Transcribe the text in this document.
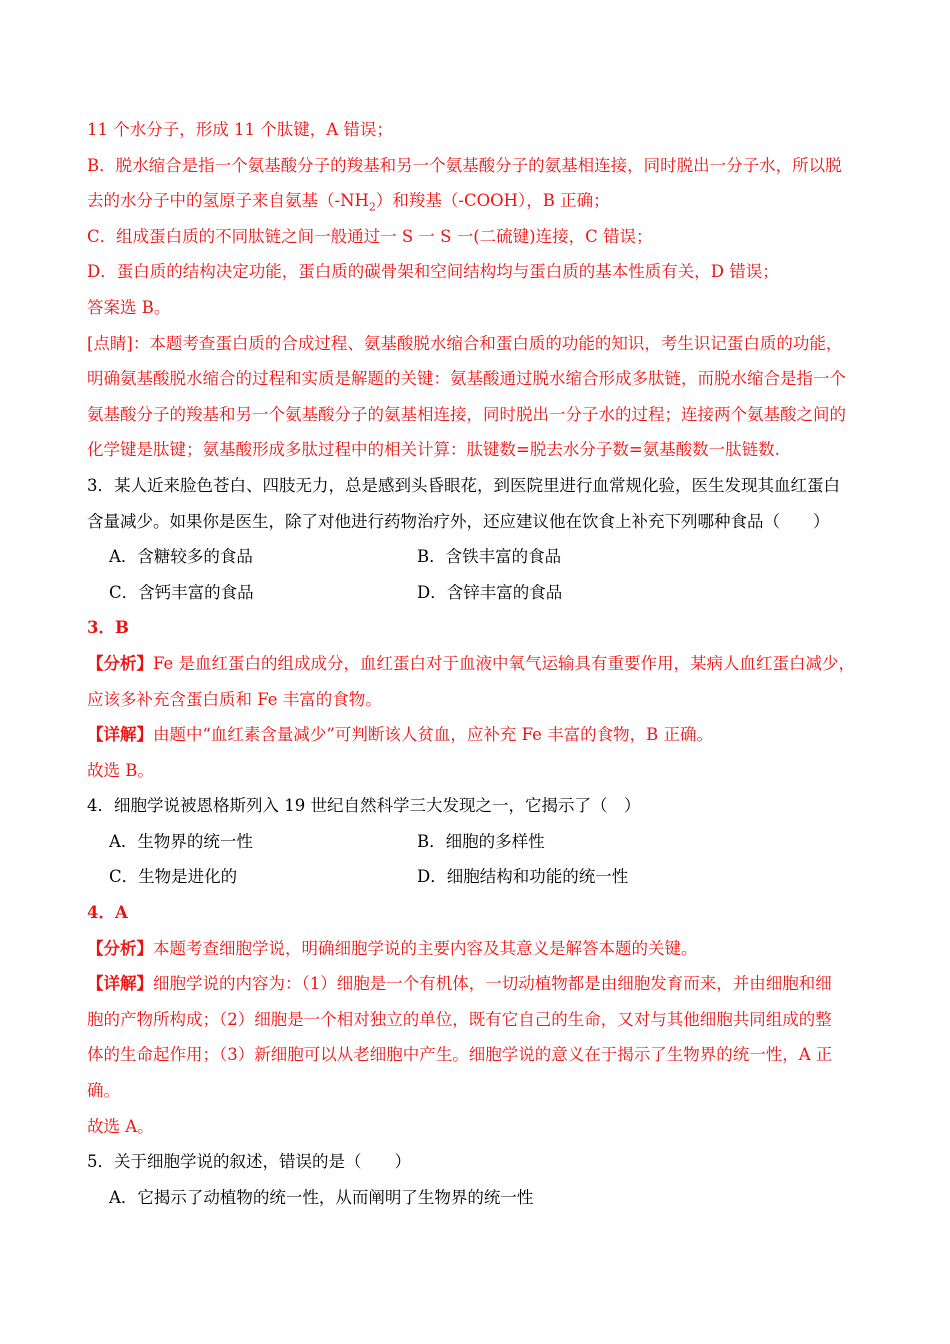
11 个水分子，形成 11 个肽键，A 错误；
B．脱水缩合是指一个氨基酸分子的羧基和另一个氨基酸分子的氨基相连接，同时脱出一分子水，所以脱
去的水分子中的氢原子来自氨基$(-NH_2)$和羧基（-COOH），B 正确；
C．组成蛋白质的不同肽链之间一般通过一 S 一 S 一(二硫键)连接，C 错误；
D．蛋白质的结构决定功能，蛋白质的碳骨架和空间结构均与蛋白质的基本性质有关，D 错误；
答案选 B。
[点睛]：本题考查蛋白质的合成过程、氨基酸脱水缩合和蛋白质的功能的知识，考生识记蛋白质的功能，
明确氨基酸脱水缩合的过程和实质是解题的关键：氨基酸通过脱水缩合形成多肽链，而脱水缩合是指一个
氨基酸分子的羧基和另一个氨基酸分子的氨基相连接，同时脱出一分子水的过程；连接两个氨基酸之间的
化学键是肽键；氨基酸形成多肽过程中的相关计算：肽键数=脱去水分子数=氨基酸数一肽链数.
3．某人近来脸色苍白、四肢无力，总是感到头昏眼花，到医院里进行血常规化验，医生发现其血红蛋白
含量减少。如果你是医生，除了对他进行药物治疗外，还应建议他在饮食上补充下列哪种食品（　　）
A．含糖较多的食品	B．含铁丰富的食品
C．含钙丰富的食品	D．含锌丰富的食品
3．B
【分析】Fe 是血红蛋白的组成成分，血红蛋白对于血液中氧气运输具有重要作用，某病人血红蛋白减少，
应该多补充含蛋白质和 Fe 丰富的食物。
【详解】由题中“血红素含量减少”可判断该人贫血，应补充 Fe 丰富的食物，B 正确。
故选 B。
4．细胞学说被恩格斯列入 19 世纪自然科学三大发现之一，它揭示了（　）
A．生物界的统一性	B．细胞的多样性
C．生物是进化的	D．细胞结构和功能的统一性
4．A
【分析】本题考查细胞学说，明确细胞学说的主要内容及其意义是解答本题的关键。
【详解】细胞学说的内容为：（1）细胞是一个有机体，一切动植物都是由细胞发育而来，并由细胞和细
胞的产物所构成；（2）细胞是一个相对独立的单位，既有它自己的生命，又对与其他细胞共同组成的整
体的生命起作用；（3）新细胞可以从老细胞中产生。细胞学说的意义在于揭示了生物界的统一性，A 正
确。
故选 A。
5．关于细胞学说的叙述，错误的是（　　）
A．它揭示了动植物的统一性，从而阐明了生物界的统一性
